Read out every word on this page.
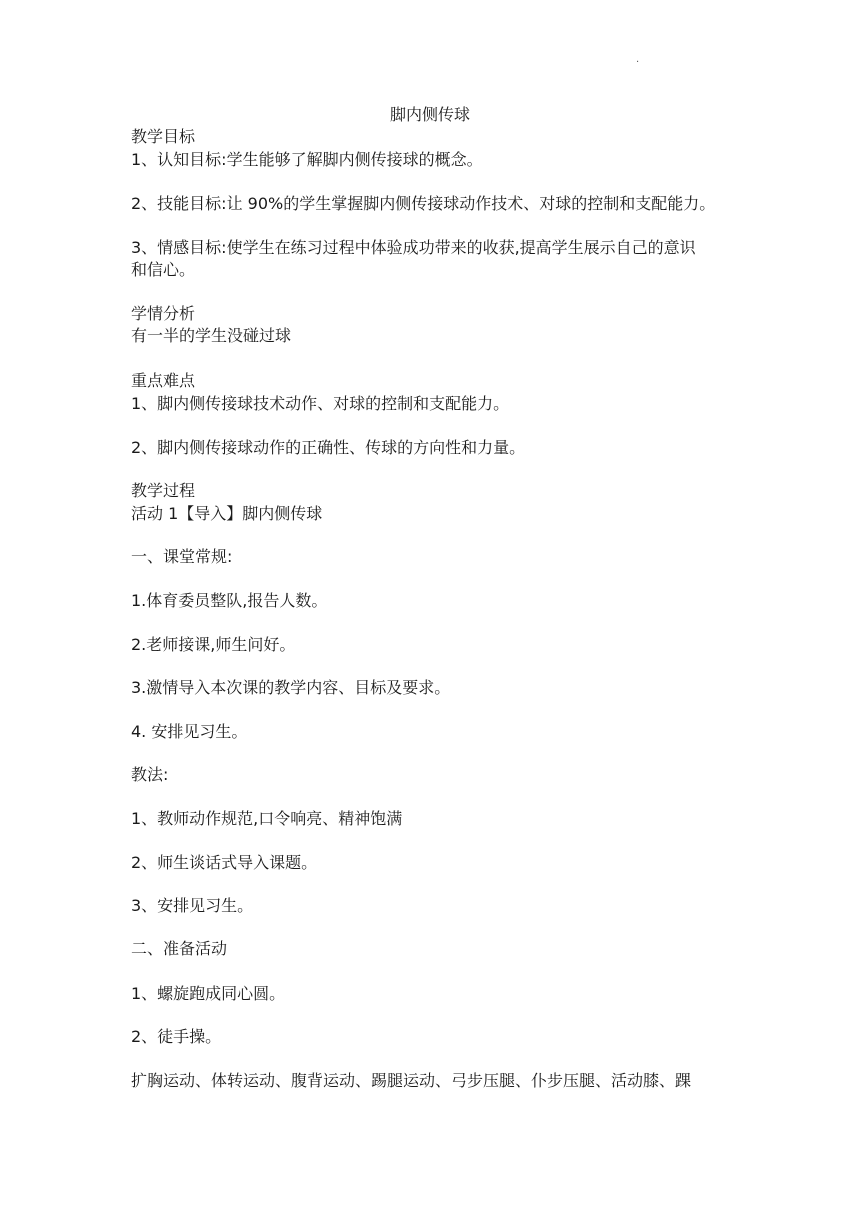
·
脚内侧传球
教学目标
1、认知目标:学生能够了解脚内侧传接球的概念。
2、技能目标:让 90%的学生掌握脚内侧传接球动作技术、对球的控制和支配能力。
3、情感目标:使学生在练习过程中体验成功带来的收获,提高学生展示自己的意识
和信心。
学情分析
有一半的学生没碰过球
重点难点
1、脚内侧传接球技术动作、对球的控制和支配能力。
2、脚内侧传接球动作的正确性、传球的方向性和力量。
教学过程
活动 1【导入】脚内侧传球
一、课堂常规:
1.体育委员整队,报告人数。
2.老师接课,师生问好。
3.激情导入本次课的教学内容、目标及要求。
4. 安排见习生。
教法:
1、教师动作规范,口令响亮、精神饱满
2、师生谈话式导入课题。
3、安排见习生。
二、准备活动
1、螺旋跑成同心圆。
2、徒手操。
扩胸运动、体转运动、腹背运动、踢腿运动、弓步压腿、仆步压腿、活动膝、踝
